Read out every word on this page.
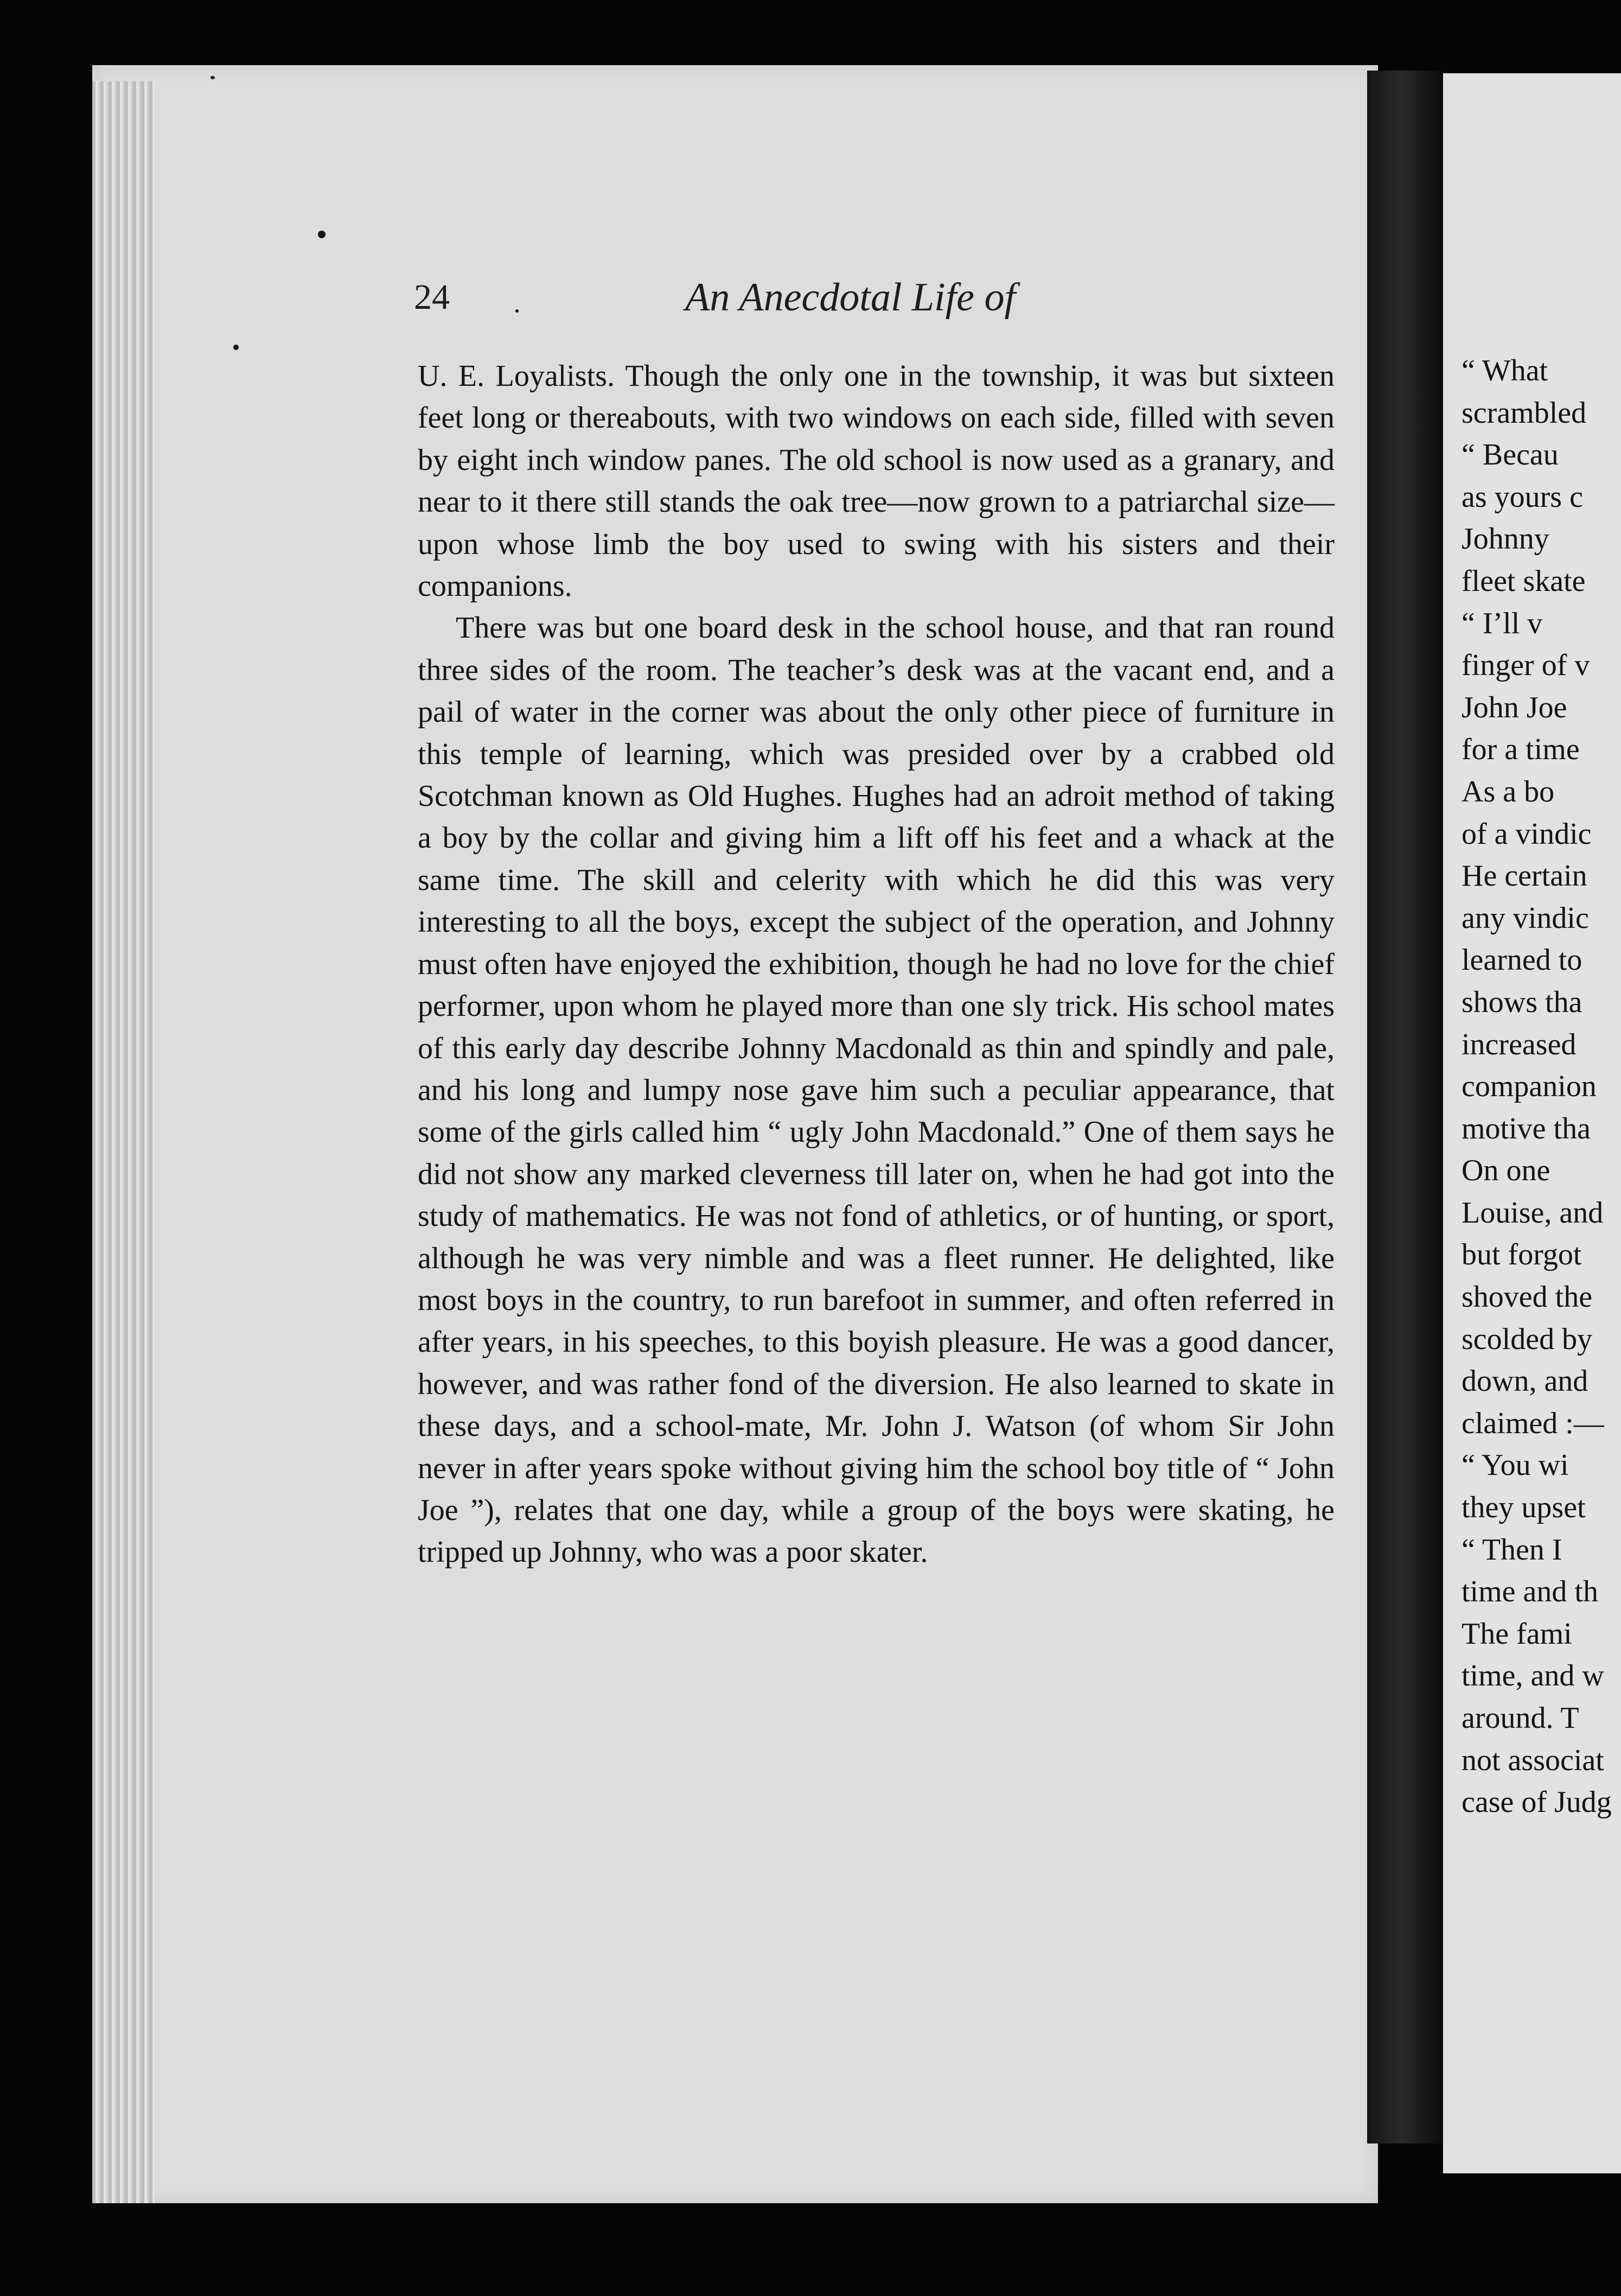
“ What
scrambled
“ Becau
as yours c
Johnny
fleet skate
“ I’ll v
finger of v
John Joe
for a time
As a bo
of a vindic
He certain
any vindic
learned to
shows tha
increased
companion
motive tha
On one
Louise, and
but forgot
shoved the
scolded by
down, and
claimed :—
“ You wi
they upset
“ Then I
time and th
The fami
time, and w
around. T
not associat
case of Judg
24	An Anecdotal Life of

U. E. Loyalists. Though the only one in the township, it was but sixteen feet long or thereabouts, with two windows on each side, filled with seven by eight inch window panes. The old school is now used as a granary, and near to it there still stands the oak tree—now grown to a patriarchal size—upon whose limb the boy used to swing with his sisters and their companions.

There was but one board desk in the school house, and that ran round three sides of the room. The teacher’s desk was at the vacant end, and a pail of water in the corner was about the only other piece of furniture in this temple of learning, which was presided over by a crabbed old Scotchman known as Old Hughes. Hughes had an adroit method of taking a boy by the collar and giving him a lift off his feet and a whack at the same time. The skill and celerity with which he did this was very interesting to all the boys, except the subject of the operation, and Johnny must often have enjoyed the exhibition, though he had no love for the chief performer, upon whom he played more than one sly trick. His school mates of this early day describe Johnny Macdonald as thin and spindly and pale, and his long and lumpy nose gave him such a peculiar appearance, that some of the girls called him “ ugly John Macdonald.” One of them says he did not show any marked cleverness till later on, when he had got into the study of mathematics. He was not fond of athletics, or of hunting, or sport, although he was very nimble and was a fleet runner. He delighted, like most boys in the country, to run barefoot in summer, and often referred in after years, in his speeches, to this boyish pleasure. He was a good dancer, however, and was rather fond of the diversion. He also learned to skate in these days, and a school-mate, Mr. John J. Watson (of whom Sir John never in after years spoke without giving him the school boy title of “ John Joe ”), relates that one day, while a group of the boys were skating, he tripped up Johnny, who was a poor skater.
